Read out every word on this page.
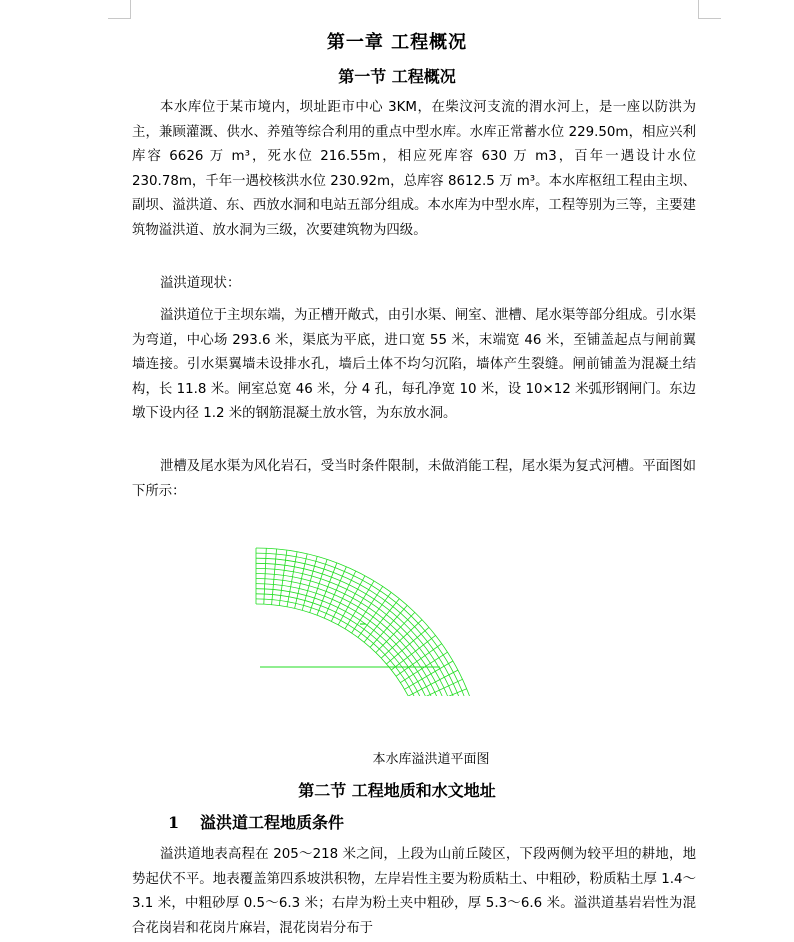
第一章 工程概况
第一节 工程概况

本水库位于某市境内，坝址距市中心 3KM，在柴汶河支流的渭水河上，是一座以防洪为主，兼顾灌溉、供水、养殖等综合利用的重点中型水库。水库正常蓄水位 229.50m，相应兴利库容 6626 万 m³，死水位 216.55m，相应死库容 630 万 m3，百年一遇设计水位 230.78m，千年一遇校核洪水位 230.92m，总库容 8612.5 万 m³。本水库枢纽工程由主坝、副坝、溢洪道、东、西放水洞和电站五部分组成。本水库为中型水库，工程等别为三等，主要建筑物溢洪道、放水洞为三级，次要建筑物为四级。

溢洪道现状：

溢洪道位于主坝东端，为正槽开敞式，由引水渠、闸室、泄槽、尾水渠等部分组成。引水渠为弯道，中心场 293.6 米，渠底为平底，进口宽 55 米，末端宽 46 米，至铺盖起点与闸前翼墙连接。引水渠翼墙未设排水孔，墙后土体不均匀沉陷，墙体产生裂缝。闸前铺盖为混凝土结构，长 11.8 米。闸室总宽 46 米，分 4 孔，每孔净宽 10 米，设 10×12 米弧形钢闸门。东边墩下设内径 1.2 米的钢筋混凝土放水管，为东放水洞。

泄槽及尾水渠为风化岩石，受当时条件限制，未做消能工程，尾水渠为复式河槽。平面图如下所示：

本水库溢洪道平面图
第二节 工程地质和水文地址
1 溢洪道工程地质条件

溢洪道地表高程在 205～218 米之间，上段为山前丘陵区，下段两侧为较平坦的耕地，地势起伏不平。地表覆盖第四系坡洪积物，左岸岩性主要为粉质粘土、中粗砂，粉质粘土厚 1.4～3.1 米，中粗砂厚 0.5～6.3 米；右岸为粉土夹中粗砂，厚 5.3～6.6 米。溢洪道基岩岩性为混合花岗岩和花岗片麻岩，混花岗岩分布于
